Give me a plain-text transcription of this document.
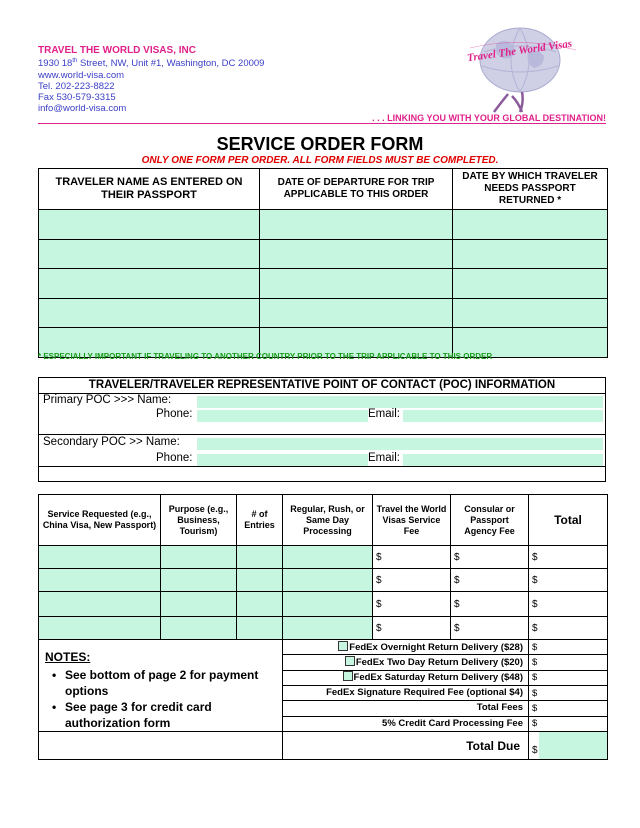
TRAVEL THE WORLD VISAS, INC
1930 18th Street, NW, Unit #1, Washington, DC 20009
www.world-visa.com
Tel. 202-223-8822
Fax 530-579-3315
info@world-visa.com
Travel The World Visas
. . . LINKING YOU WITH YOUR GLOBAL DESTINATION!
SERVICE ORDER FORM
ONLY ONE FORM PER ORDER. ALL FORM FIELDS MUST BE COMPLETED.
TRAVELER NAME AS ENTERED ON THEIR PASSPORT	DATE OF DEPARTURE FOR TRIP APPLICABLE TO THIS ORDER	DATE BY WHICH TRAVELER NEEDS PASSPORT RETURNED *

* ESPECIALLY IMPORTANT IF TRAVELING TO ANOTHER COUNTRY PRIOR TO THE TRIP APPLICABLE TO THIS ORDER
TRAVELER/TRAVELER REPRESENTATIVE POINT OF CONTACT (POC) INFORMATION
Primary POC >>> Name:
Phone:	Email:
Secondary POC >> Name:
Phone:	Email:
Service Requested (e.g., China Visa, New Passport)	Purpose (e.g., Business, Tourism)	# of Entries	Regular, Rush, or Same Day Processing	Travel the World Visas Service Fee	Consular or Passport Agency Fee	Total

				$	$	$

				$	$	$

				$	$	$

				$	$	$

NOTES:
• See bottom of page 2 for payment options
• See page 3 for credit card authorization form			FedEx Overnight Return Delivery ($28)			$
			FedEx Two Day Return Delivery ($20)			$
			FedEx Saturday Return Delivery ($48)			$
			FedEx Signature Required Fee (optional $4)			$
			Total Fees			$
			5% Credit Card Processing Fee			$
			Total Due			$
